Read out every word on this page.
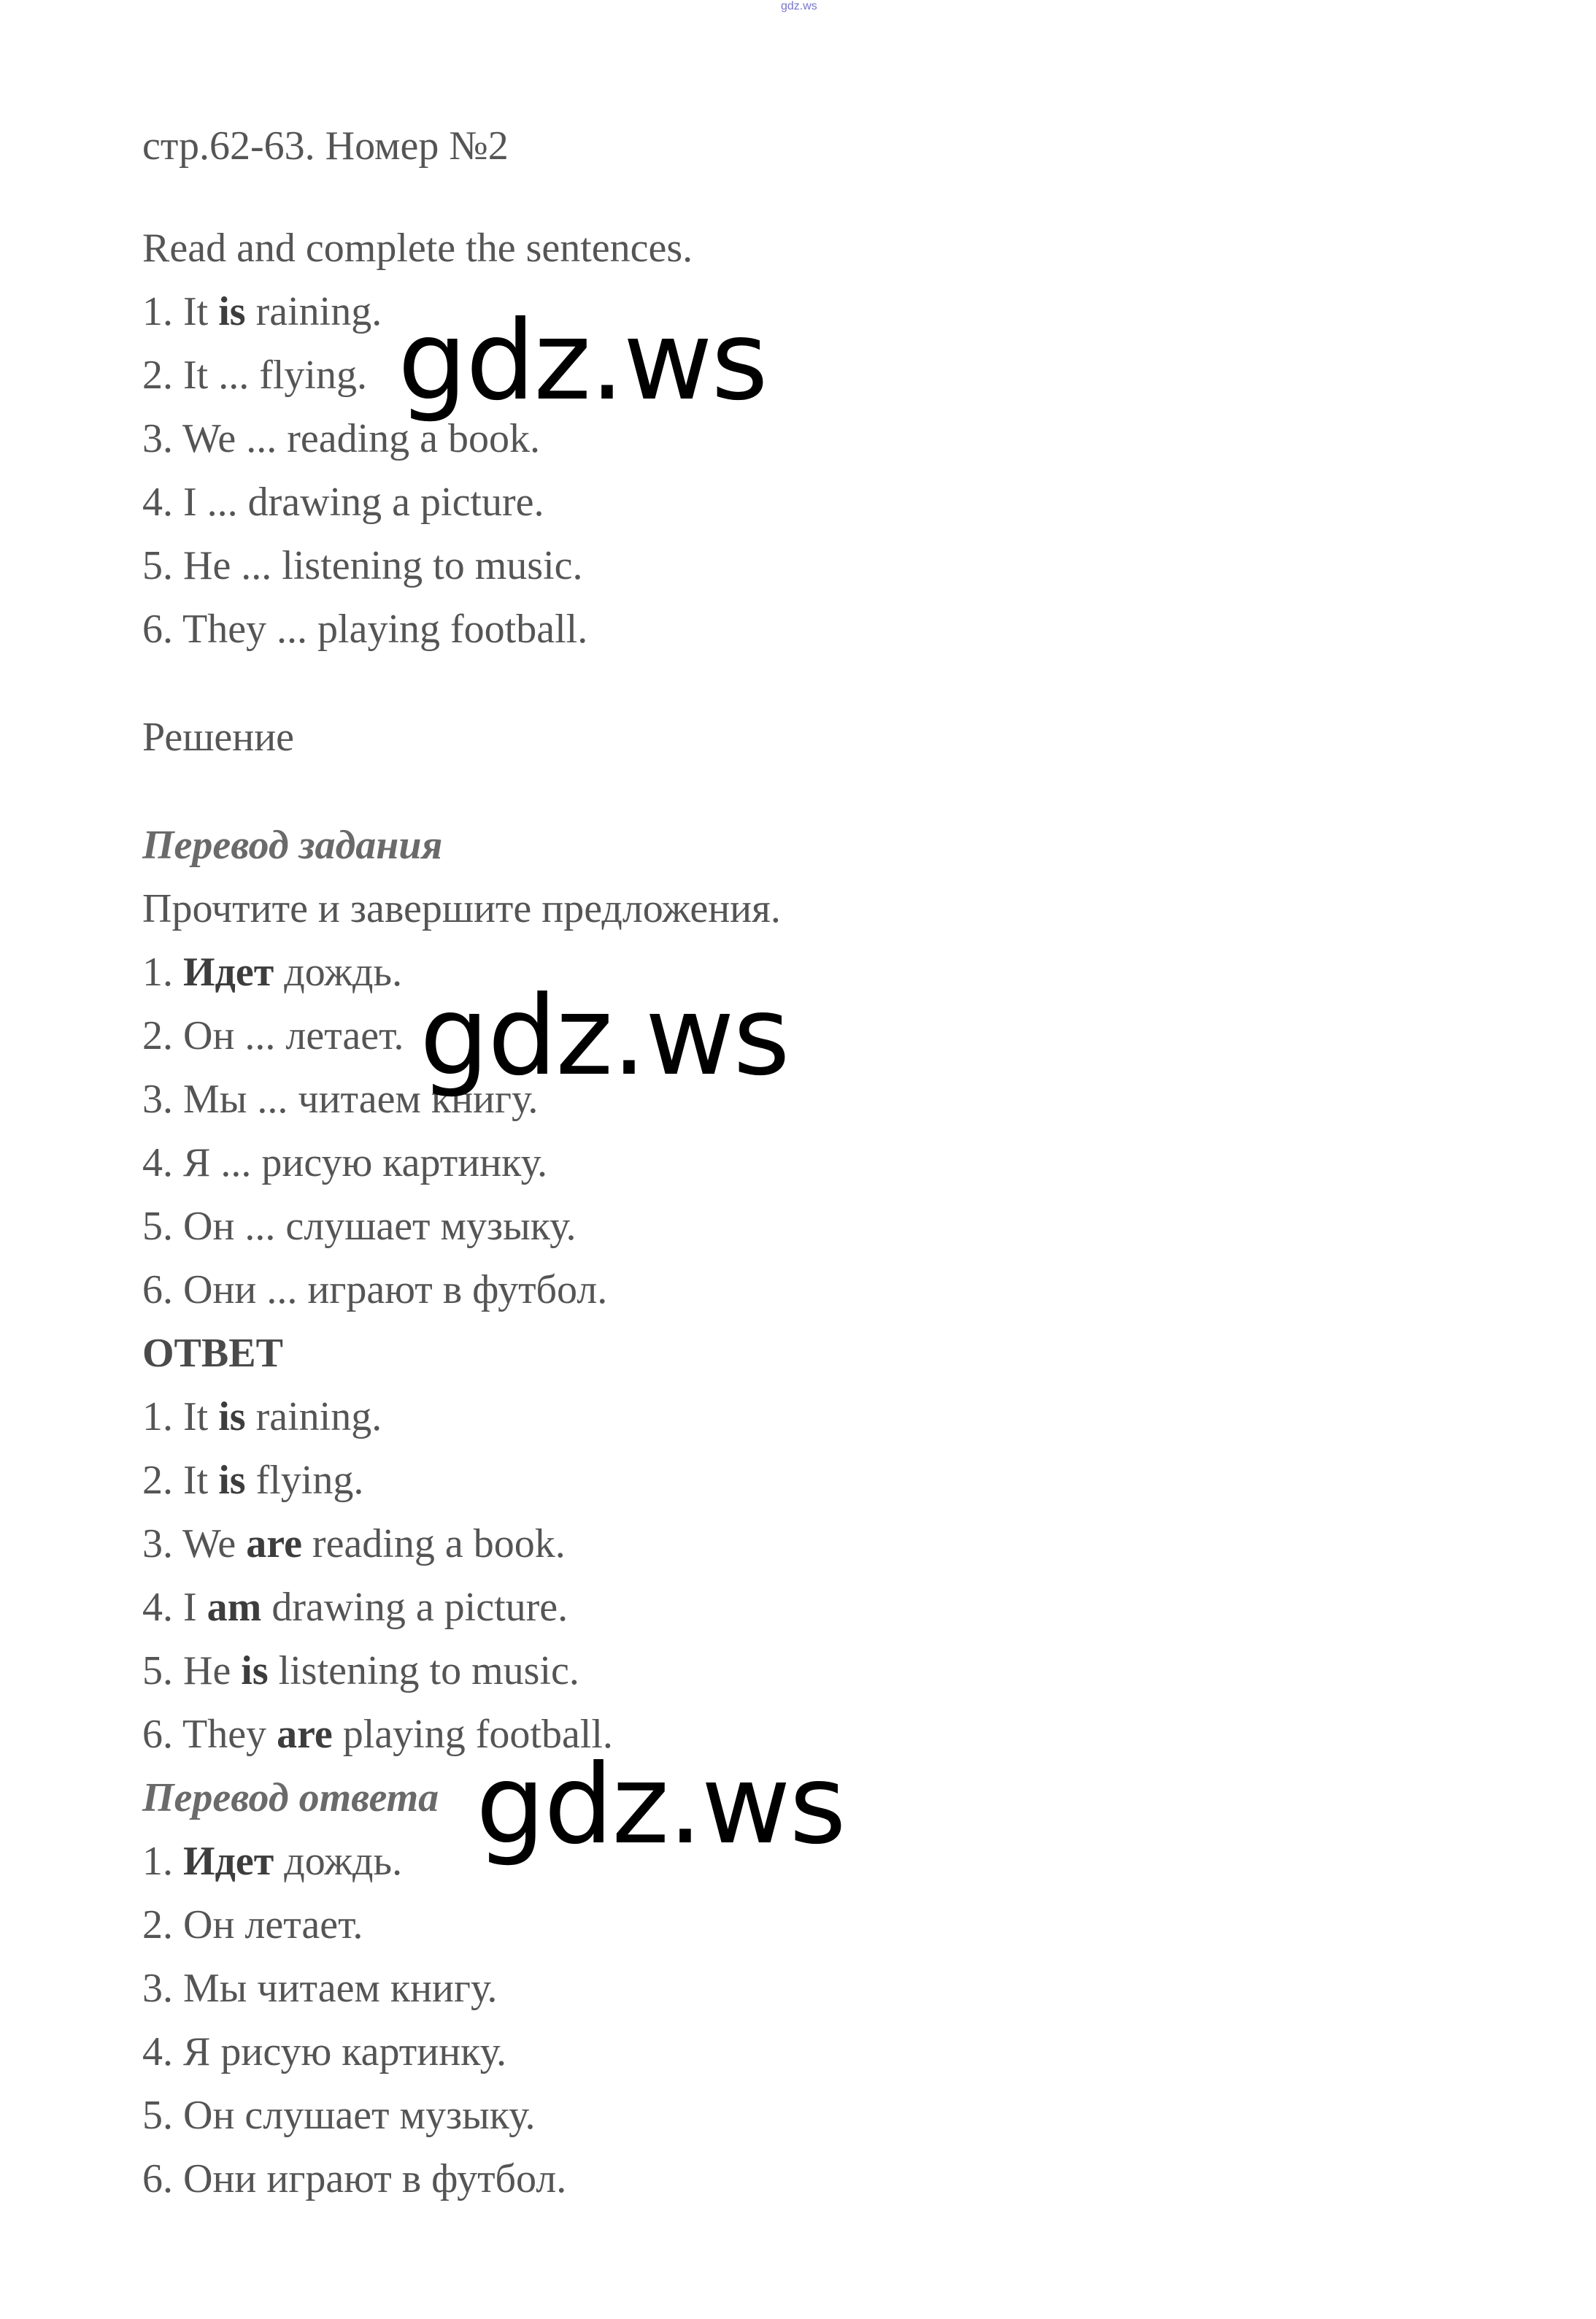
gdz.ws
стр.62-63. Номер №2
Read and complete the sentences.
1. It is raining.
2. It ... flying.
3. We ... reading a book.
4. I ... drawing a picture.
5. He ... listening to music.
6. They ... playing football.
Решение
Перевод задания
Прочтите и завершите предложения.
1. Идет дождь.
2. Он ... летает.
3. Мы ... читаем книгу.
4. Я ... рисую картинку.
5. Он ... слушает музыку.
6. Они ... играют в футбол.
ОТВЕТ
1. It is raining.
2. It is flying.
3. We are reading a book.
4. I am drawing a picture.
5. He is listening to music.
6. They are playing football.
Перевод ответа
1. Идет дождь.
2. Он летает.
3. Мы читаем книгу.
4. Я рисую картинку.
5. Он слушает музыку.
6. Они играют в футбол.
gdz.ws
gdz.ws
gdz.ws
